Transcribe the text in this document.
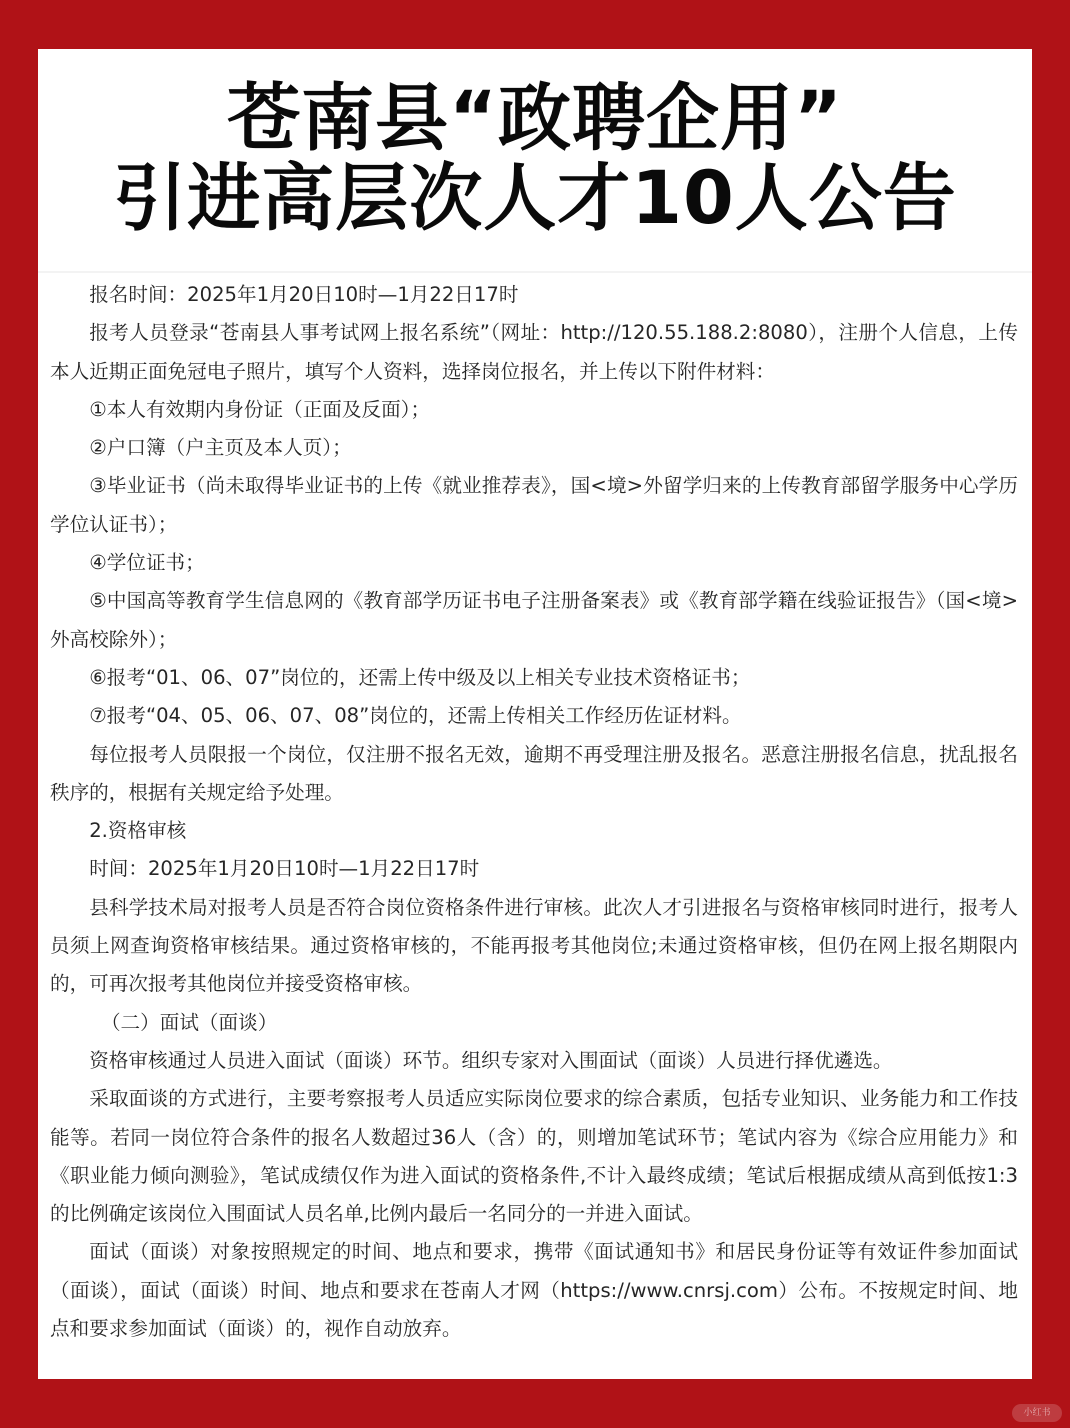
苍南县“政聘企用”
引进高层次人才10人公告

报名时间：2025年1月20日10时—1月22日17时

报考人员登录“苍南县人事考试网上报名系统”（网址：http://120.55.188.2:8080），注册个人信息，上传本人近期正面免冠电子照片，填写个人资料，选择岗位报名，并上传以下附件材料：

①本人有效期内身份证（正面及反面）；

②户口簿（户主页及本人页）；

③毕业证书（尚未取得毕业证书的上传《就业推荐表》，国<境>外留学归来的上传教育部留学服务中心学历学位认证书）；

④学位证书；

⑤中国高等教育学生信息网的《教育部学历证书电子注册备案表》或《教育部学籍在线验证报告》（国<境>外高校除外）；

⑥报考“01、06、07”岗位的，还需上传中级及以上相关专业技术资格证书；

⑦报考“04、05、06、07、08”岗位的，还需上传相关工作经历佐证材料。

每位报考人员限报一个岗位，仅注册不报名无效，逾期不再受理注册及报名。恶意注册报名信息，扰乱报名秩序的，根据有关规定给予处理。

2.资格审核

时间：2025年1月20日10时—1月22日17时

县科学技术局对报考人员是否符合岗位资格条件进行审核。此次人才引进报名与资格审核同时进行，报考人员须上网查询资格审核结果。通过资格审核的，不能再报考其他岗位;未通过资格审核，但仍在网上报名期限内的，可再次报考其他岗位并接受资格审核。

（二）面试（面谈）

资格审核通过人员进入面试（面谈）环节。组织专家对入围面试（面谈）人员进行择优遴选。

采取面谈的方式进行，主要考察报考人员适应实际岗位要求的综合素质，包括专业知识、业务能力和工作技能等。若同一岗位符合条件的报名人数超过36人（含）的，则增加笔试环节；笔试内容为《综合应用能力》和《职业能力倾向测验》，笔试成绩仅作为进入面试的资格条件,不计入最终成绩；笔试后根据成绩从高到低按1:3的比例确定该岗位入围面试人员名单,比例内最后一名同分的一并进入面试。

面试（面谈）对象按照规定的时间、地点和要求，携带《面试通知书》和居民身份证等有效证件参加面试（面谈），面试（面谈）时间、地点和要求在苍南人才网（https://www.cnrsj.com）公布。不按规定时间、地点和要求参加面试（面谈）的，视作自动放弃。

小红书
